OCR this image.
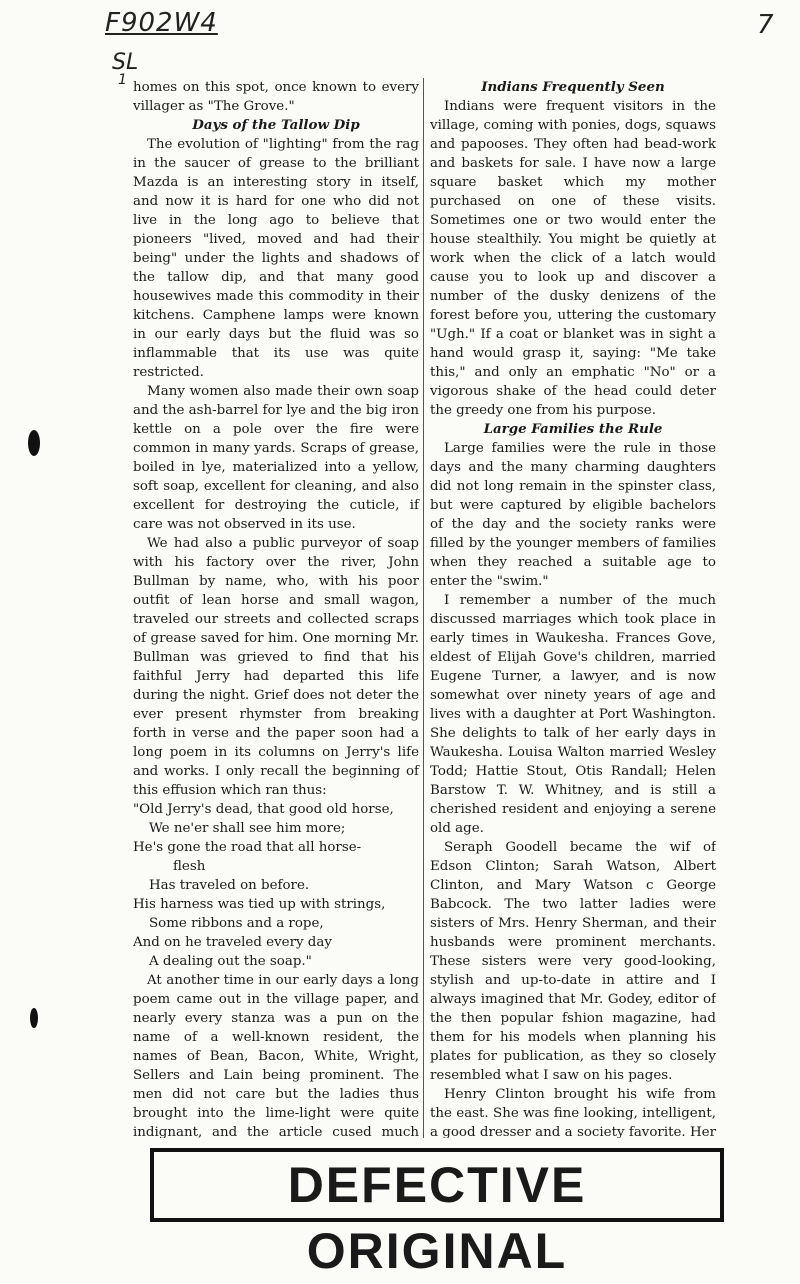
F902W4
SL
1
7

homes on this spot, once known to every villager as "The Grove."

Days of the Tallow Dip

The evolution of "lighting" from the rag in the saucer of grease to the brilliant Mazda is an interesting story in itself, and now it is hard for one who did not live in the long ago to believe that pioneers "lived, moved and had their being" under the lights and shadows of the tallow dip, and that many good housewives made this commodity in their kitchens. Camphene lamps were known in our early days but the fluid was so inflammable that its use was quite restricted.

Many women also made their own soap and the ash-barrel for lye and the big iron kettle on a pole over the fire were common in many yards. Scraps of grease, boiled in lye, materialized into a yellow, soft soap, excellent for cleaning, and also excellent for destroying the cuticle, if care was not observed in its use.

We had also a public purveyor of soap with his factory over the river, John Bullman by name, who, with his poor outfit of lean horse and small wagon, traveled our streets and collected scraps of grease saved for him. One morning Mr. Bullman was grieved to find that his faithful Jerry had departed this life during the night. Grief does not deter the ever present rhymster from breaking forth in verse and the paper soon had a long poem in its columns on Jerry's life and works. I only recall the beginning of this effusion which ran thus:

"Old Jerry's dead, that good old horse,
We ne'er shall see him more;
He's gone the road that all horse-
flesh
Has traveled on before.
His harness was tied up with strings,
Some ribbons and a rope,
And on he traveled every day
A dealing out the soap."

At another time in our early days a long poem came out in the village paper, and nearly every stanza was a pun on the name of a well-known resident, the names of Bean, Bacon, White, Wright, Sellers and Lain being prominent. The men did not care but the ladies thus brought into the lime-light were quite indignant, and the article cused much

Indians Frequently Seen

Indians were frequent visitors in the village, coming with ponies, dogs, squaws and papooses. They often had bead-work and baskets for sale. I have now a large square basket which my mother purchased on one of these visits. Sometimes one or two would enter the house stealthily. You might be quietly at work when the click of a latch would cause you to look up and discover a number of the dusky denizens of the forest before you, uttering the customary "Ugh." If a coat or blanket was in sight a hand would grasp it, saying: "Me take this," and only an emphatic "No" or a vigorous shake of the head could deter the greedy one from his purpose.

Large Families the Rule

Large families were the rule in those days and the many charming daughters did not long remain in the spinster class, but were captured by eligible bachelors of the day and the society ranks were filled by the younger members of families when they reached a suitable age to enter the "swim."

I remember a number of the much discussed marriages which took place in early times in Waukesha. Frances Gove, eldest of Elijah Gove's children, married Eugene Turner, a lawyer, and is now somewhat over ninety years of age and lives with a daughter at Port Washington. She delights to talk of her early days in Waukesha. Louisa Walton married Wesley Todd; Hattie Stout, Otis Randall; Helen Barstow T. W. Whitney, and is still a cherished resident and enjoying a serene old age.

Seraph Goodell became the wif of Edson Clinton; Sarah Watson, Albert Clinton, and Mary Watson c George Babcock. The two latter ladies were sisters of Mrs. Henry Sherman, and their husbands were prominent merchants. These sisters were very good-looking, stylish and up-to-date in attire and I always imagined that Mr. Godey, editor of the then popular fshion magazine, had them for his models when planning his plates for publication, as they so closely resembled what I saw on his pages.

Henry Clinton brought his wife from the east. She was fine looking, intelligent, a good dresser and a society favorite. Her

DEFECTIVE ORIGINAL
